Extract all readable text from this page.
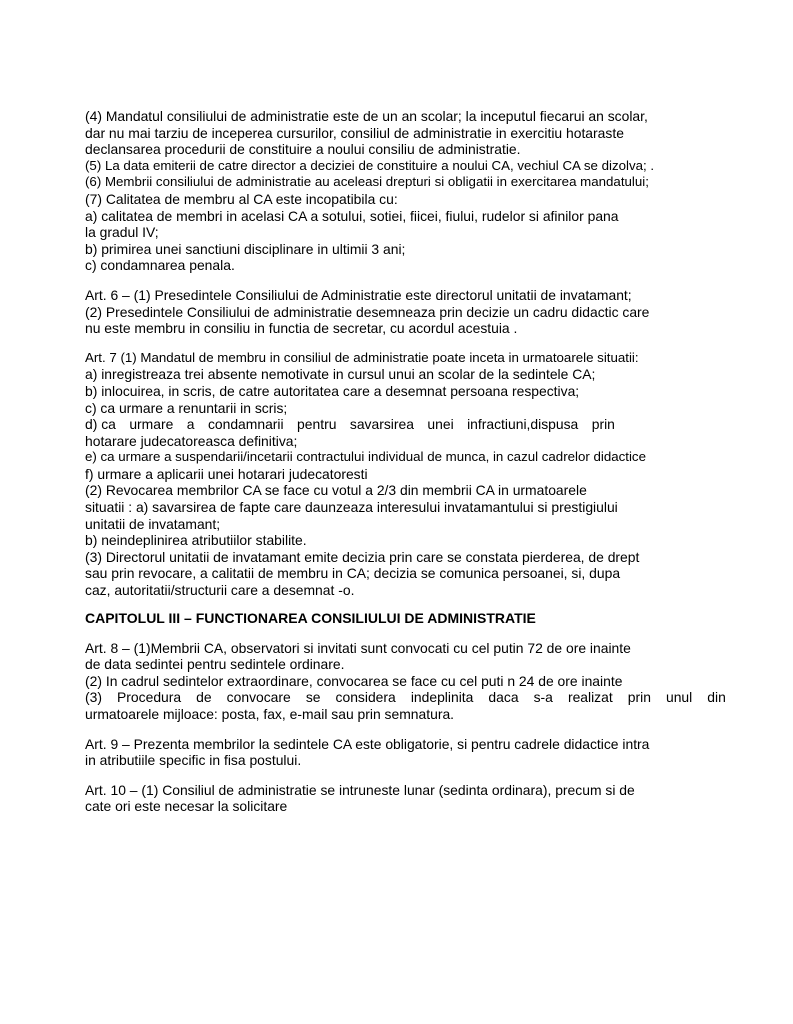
(4) Mandatul consiliului de administratie este de un an scolar; la inceputul fiecarui an scolar,
dar nu mai tarziu de inceperea cursurilor, consiliul de administratie in exercitiu hotaraste
declansarea procedurii de constituire a noului consiliu de administratie.
(5) La data emiterii de catre director a deciziei de constituire a noului CA, vechiul CA se dizolva; .
(6) Membrii consiliului de administratie au aceleasi drepturi si obligatii in exercitarea mandatului;
(7) Calitatea de membru al CA este incopatibila cu:
a) calitatea de membri in acelasi CA a sotului, sotiei, fiicei, fiului, rudelor si afinilor pana
la gradul IV;
b) primirea unei sanctiuni disciplinare in ultimii 3 ani;
c) condamnarea penala.
Art. 6 – (1) Presedintele Consiliului de Administratie este directorul unitatii de invatamant;
(2) Presedintele Consiliului de administratie desemneaza prin decizie un cadru didactic care
nu este membru in consiliu in functia de secretar, cu acordul acestuia .
Art. 7 (1) Mandatul de membru in consiliul de administratie poate inceta in urmatoarele situatii:
a) inregistreaza trei absente nemotivate in cursul unui an scolar de la sedintele CA;
b) inlocuirea, in scris, de catre autoritatea care a desemnat persoana respectiva;
c) ca urmare a renuntarii in scris;
d) ca urmare a condamnarii pentru savarsirea unei infractiuni,dispusa prin
hotarare judecatoreasca definitiva;
e) ca urmare a suspendarii/incetarii contractului individual de munca, in cazul cadrelor didactice
f) urmare a aplicarii unei hotarari judecatoresti
(2) Revocarea membrilor CA se face cu votul a 2/3 din membrii CA in urmatoarele
situatii : a) savarsirea de fapte care daunzeaza interesului invatamantului si prestigiului
unitatii de invatamant;
b) neindeplinirea atributiilor stabilite.
(3) Directorul unitatii de invatamant emite decizia prin care se constata pierderea, de drept
sau prin revocare, a calitatii de membru in CA; decizia se comunica persoanei, si, dupa
caz, autoritatii/structurii care a desemnat -o.
CAPITOLUL III – FUNCTIONAREA CONSILIULUI DE ADMINISTRATIE
Art. 8 – (1)Membrii CA, observatori si invitati sunt convocati cu cel putin 72 de ore inainte
de data sedintei pentru sedintele ordinare.
(2) In cadrul sedintelor extraordinare, convocarea se face cu cel puti n 24 de ore inainte
(3) Procedura de convocare se considera indeplinita daca s-a realizat prin unul din
urmatoarele mijloace: posta, fax, e-mail sau prin semnatura.
Art. 9 – Prezenta membrilor la sedintele CA este obligatorie, si pentru cadrele didactice intra
in atributiile specific in fisa postului.
Art. 10 – (1) Consiliul de administratie se intruneste lunar (sedinta ordinara), precum si de
cate ori este necesar la solicitare
